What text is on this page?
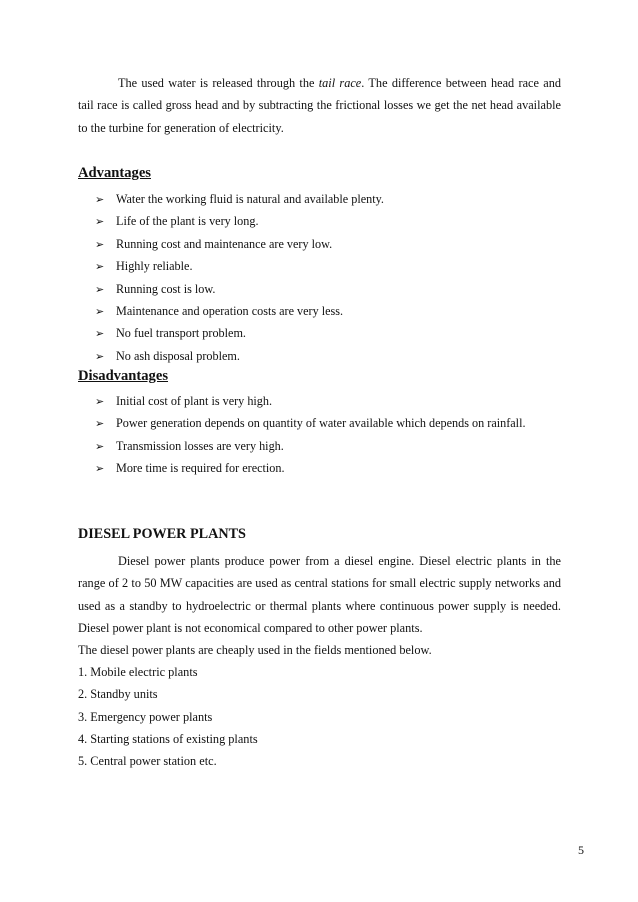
The used water is released through the tail race. The difference between head race and tail race is called gross head and by subtracting the frictional losses we get the net head available to the turbine for generation of electricity.

Advantages
➢ Water the working fluid is natural and available plenty.
➢ Life of the plant is very long.
➢ Running cost and maintenance are very low.
➢ Highly reliable.
➢ Running cost is low.
➢ Maintenance and operation costs are very less.
➢ No fuel transport problem.
➢ No ash disposal problem.
Disadvantages
➢ Initial cost of plant is very high.
➢ Power generation depends on quantity of water available which depends on rainfall.
➢ Transmission losses are very high.
➢ More time is required for erection.
DIESEL POWER PLANTS

Diesel power plants produce power from a diesel engine. Diesel electric plants in the range of 2 to 50 MW capacities are used as central stations for small electric supply networks and used as a standby to hydroelectric or thermal plants where continuous power supply is needed. Diesel power plant is not economical compared to other power plants.

The diesel power plants are cheaply used in the fields mentioned below.

1. Mobile electric plants

2. Standby units

3. Emergency power plants

4. Starting stations of existing plants

5. Central power station etc.

5
